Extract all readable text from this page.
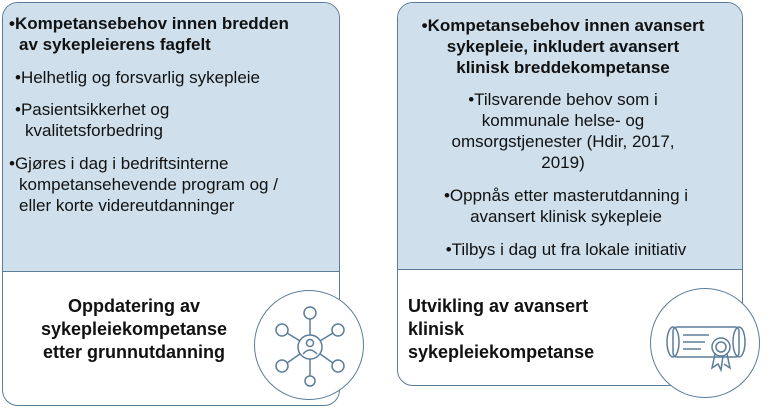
•Kompetansebehov innen bredden
av sykepleierens fagfelt
•Helhetlig og forsvarlig sykepleie
•Pasientsikkerhet og
kvalitetsforbedring
•Gjøres i dag i bedriftsinterne
kompetansehevende program og /
eller korte videreutdanninger
Oppdatering av
sykepleiekompetanse
etter grunnutdanning
•Kompetansebehov innen avansert
sykepleie, inkludert avansert
klinisk breddekompetanse
•Tilsvarende behov som i
kommunale helse- og
omsorgstjenester (Hdir, 2017,
2019)
•Oppnås etter masterutdanning i
avansert klinisk sykepleie
•Tilbys i dag ut fra lokale initiativ
Utvikling av avansert
klinisk
sykepleiekompetanse
